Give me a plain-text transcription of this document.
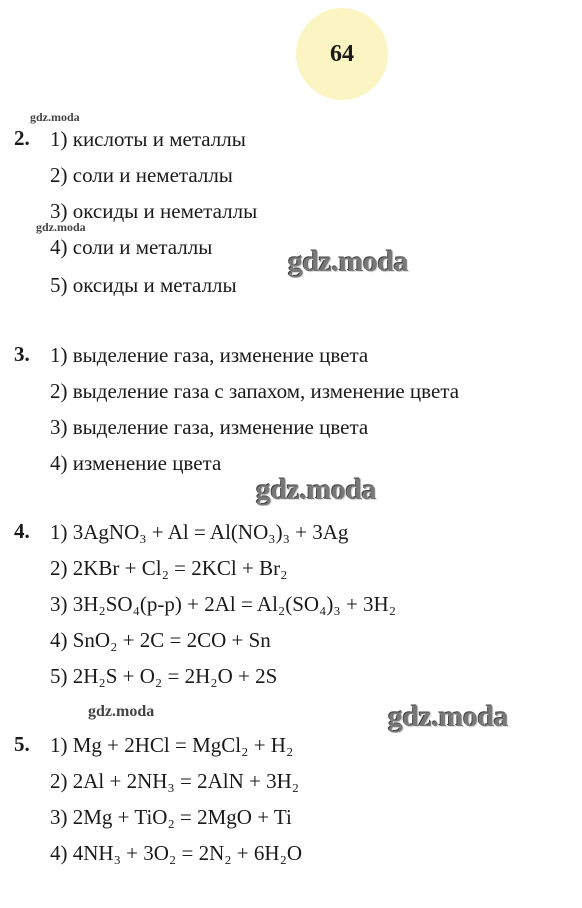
64
gdz.moda
gdz.moda
gdz.moda
gdz.moda
gdz.moda	gdz.moda
2. 1) кислоты и металлы
2) соли и неметаллы
3) оксиды и неметаллы
4) соли и металлы
5) оксиды и металлы
3. 1) выделение газа, изменение цвета
2) выделение газа с запахом, изменение цвета
3) выделение газа, изменение цвета
4) изменение цвета
4. 1) 3AgNO₃ + Al = Al(NO₃)₃ + 3Ag
2) 2KBr + Cl₂ = 2KCl + Br₂
3) 3H₂SO₄(р-р) + 2Al = Al₂(SO₄)₃ + 3H₂
4) SnO₂ + 2C = 2CO + Sn
5) 2H₂S + O₂ = 2H₂O + 2S
5. 1) Mg + 2HCl = MgCl₂ + H₂
2) 2Al + 2NH₃ = 2AlN + 3H₂
3) 2Mg + TiO₂ = 2MgO + Ti
4) 4NH₃ + 3O₂ = 2N₂ + 6H₂O
